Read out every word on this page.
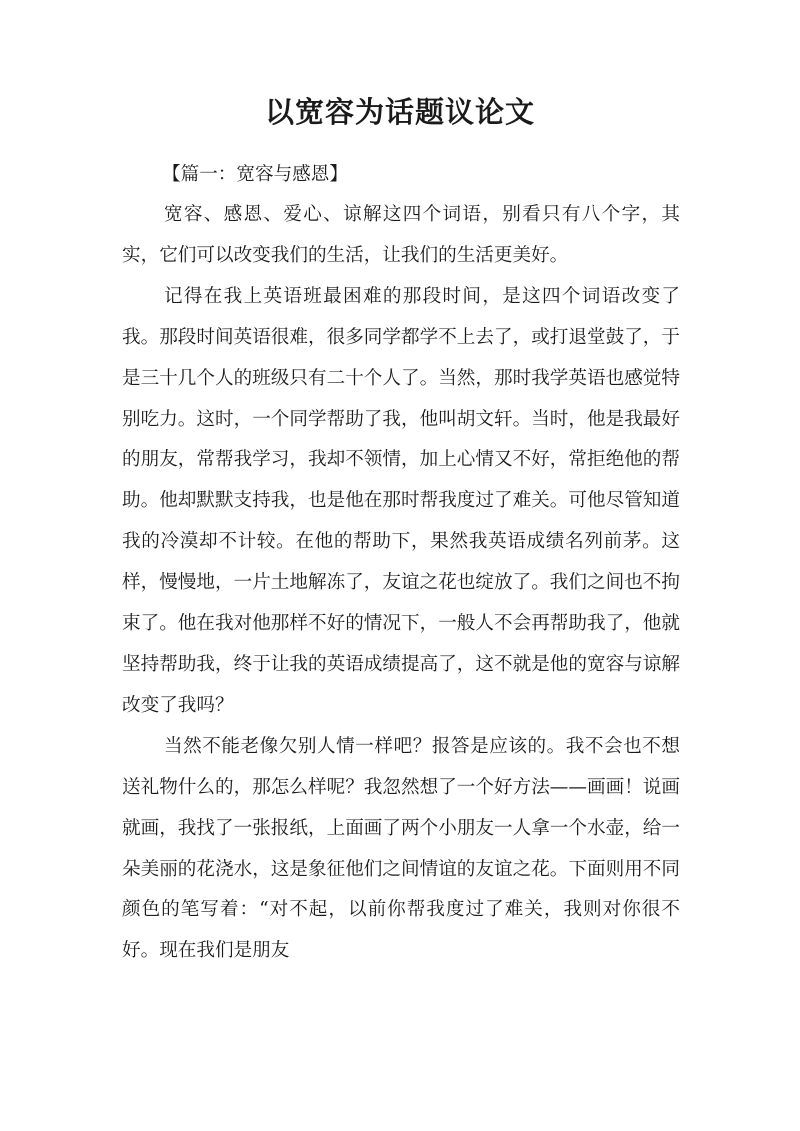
以宽容为话题议论文

【篇一：宽容与感恩】

宽容、感恩、爱心、谅解这四个词语，别看只有八个字，其实，它们可以改变我们的生活，让我们的生活更美好。

记得在我上英语班最困难的那段时间，是这四个词语改变了我。那段时间英语很难，很多同学都学不上去了，或打退堂鼓了，于是三十几个人的班级只有二十个人了。当然，那时我学英语也感觉特别吃力。这时，一个同学帮助了我，他叫胡文轩。当时，他是我最好的朋友，常帮我学习，我却不领情，加上心情又不好，常拒绝他的帮助。他却默默支持我，也是他在那时帮我度过了难关。可他尽管知道我的冷漠却不计较。在他的帮助下，果然我英语成绩名列前茅。这样，慢慢地，一片土地解冻了，友谊之花也绽放了。我们之间也不拘束了。他在我对他那样不好的情况下，一般人不会再帮助我了，他就坚持帮助我，终于让我的英语成绩提高了，这不就是他的宽容与谅解改变了我吗？

当然不能老像欠别人情一样吧？报答是应该的。我不会也不想送礼物什么的，那怎么样呢？我忽然想了一个好方法——画画！说画就画，我找了一张报纸，上面画了两个小朋友一人拿一个水壶，给一朵美丽的花浇水，这是象征他们之间情谊的友谊之花。下面则用不同颜色的笔写着：“对不起，以前你帮我度过了难关，我则对你很不好。现在我们是朋友
